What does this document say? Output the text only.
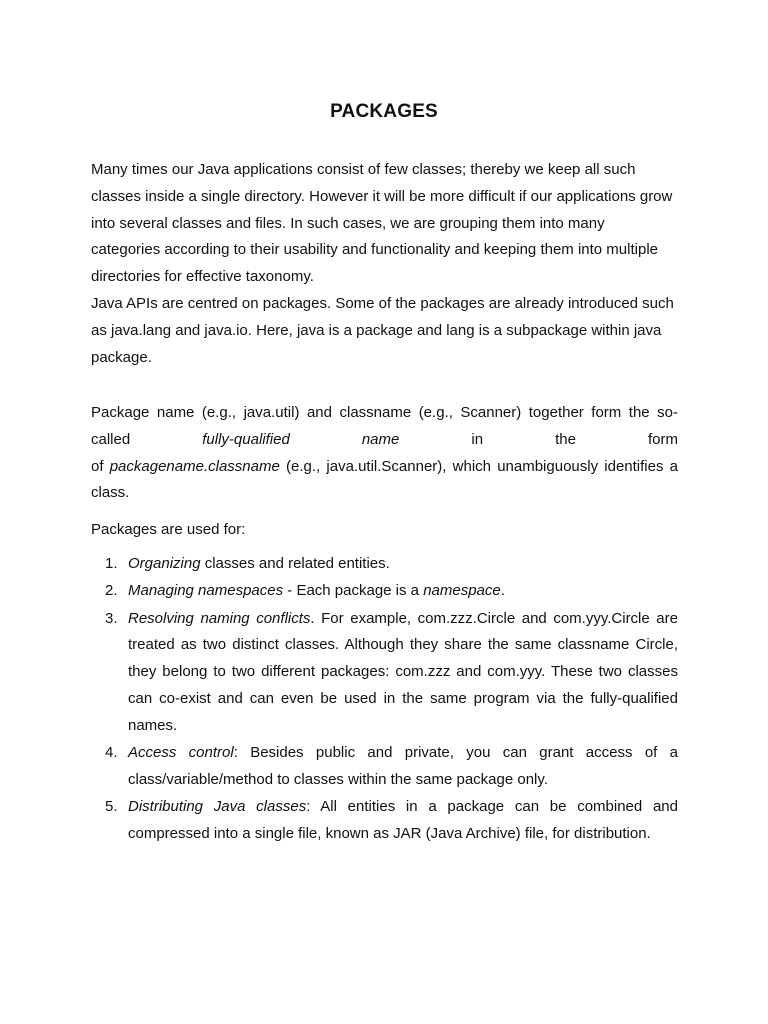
PACKAGES
Many times our Java applications consist of few classes; thereby we keep all such
classes inside a single directory. However it will be more difficult if our applications grow
into several classes and files. In such cases, we are grouping them into many
categories according to their usability and functionality and keeping them into multiple
directories for effective taxonomy.
Java APIs are centred on packages. Some of the packages are already introduced such
as java.lang and java.io. Here, java is a package and lang is a subpackage within java
package.
Package name (e.g., java.util) and classname (e.g., Scanner) together form the so-
called	fully-qualified name	in the form
of packagename.classname (e.g., java.util.Scanner), which unambiguously identifies a
class.

Packages are used for:

1. Organizing classes and related entities.
2. Managing namespaces - Each package is a namespace.
3. Resolving naming conflicts. For example, com.zzz.Circle and com.yyy.Circle are treated as two distinct classes. Although they share the same classname Circle, they belong to two different packages: com.zzz and com.yyy. These two classes can co-exist and can even be used in the same program via the fully-qualified names.
4. Access control: Besides public and private, you can grant access of a class/variable/method to classes within the same package only.
5. Distributing Java classes: All entities in a package can be combined and compressed into a single file, known as JAR (Java Archive) file, for distribution.
